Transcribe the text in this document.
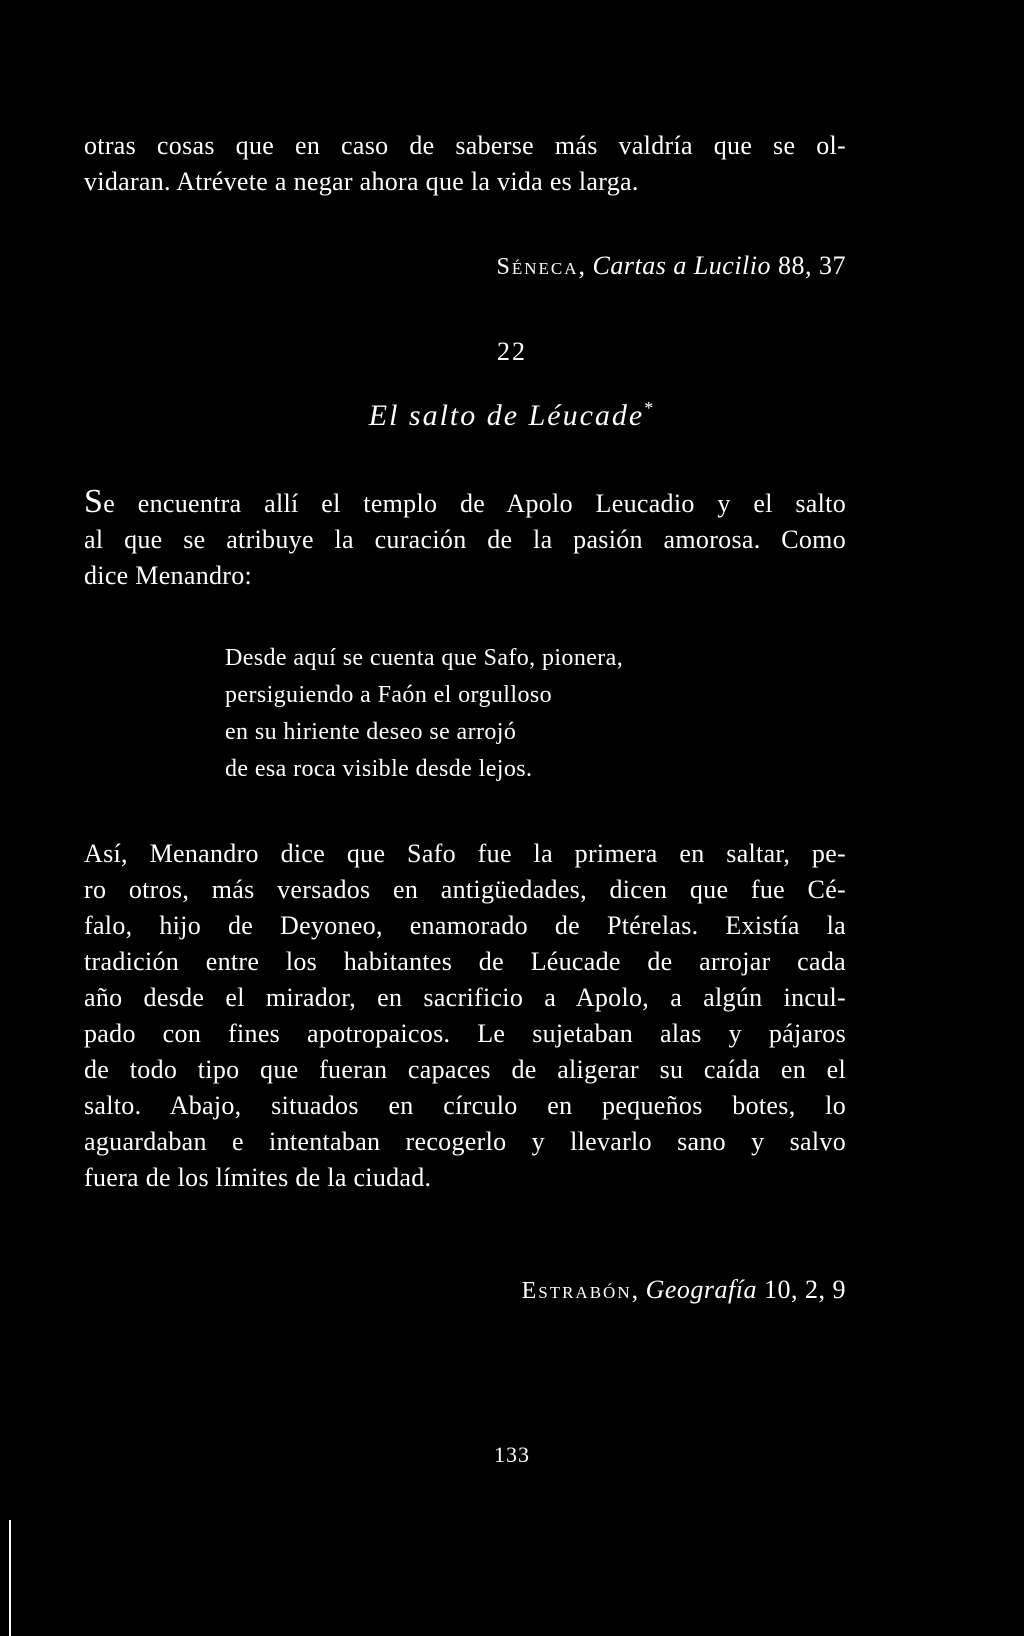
otras cosas que en caso de saberse más valdría que se ol-
vidaran. Atrévete a negar ahora que la vida es larga.
Séneca, Cartas a Lucilio 88, 37
22
El salto de Léucade*
Se encuentra allí el templo de Apolo Leucadio y el salto
al que se atribuye la curación de la pasión amorosa. Como
dice Menandro:
Desde aquí se cuenta que Safo, pionera,
persiguiendo a Faón el orgulloso
en su hiriente deseo se arrojó
de esa roca visible desde lejos.
Así, Menandro dice que Safo fue la primera en saltar, pe-
ro otros, más versados en antigüedades, dicen que fue Cé-
falo, hijo de Deyoneo, enamorado de Ptérelas. Existía la
tradición entre los habitantes de Léucade de arrojar cada
año desde el mirador, en sacrificio a Apolo, a algún incul-
pado con fines apotropaicos. Le sujetaban alas y pájaros
de todo tipo que fueran capaces de aligerar su caída en el
salto. Abajo, situados en círculo en pequeños botes, lo
aguardaban e intentaban recogerlo y llevarlo sano y salvo
fuera de los límites de la ciudad.
Estrabón, Geografía 10, 2, 9
133
